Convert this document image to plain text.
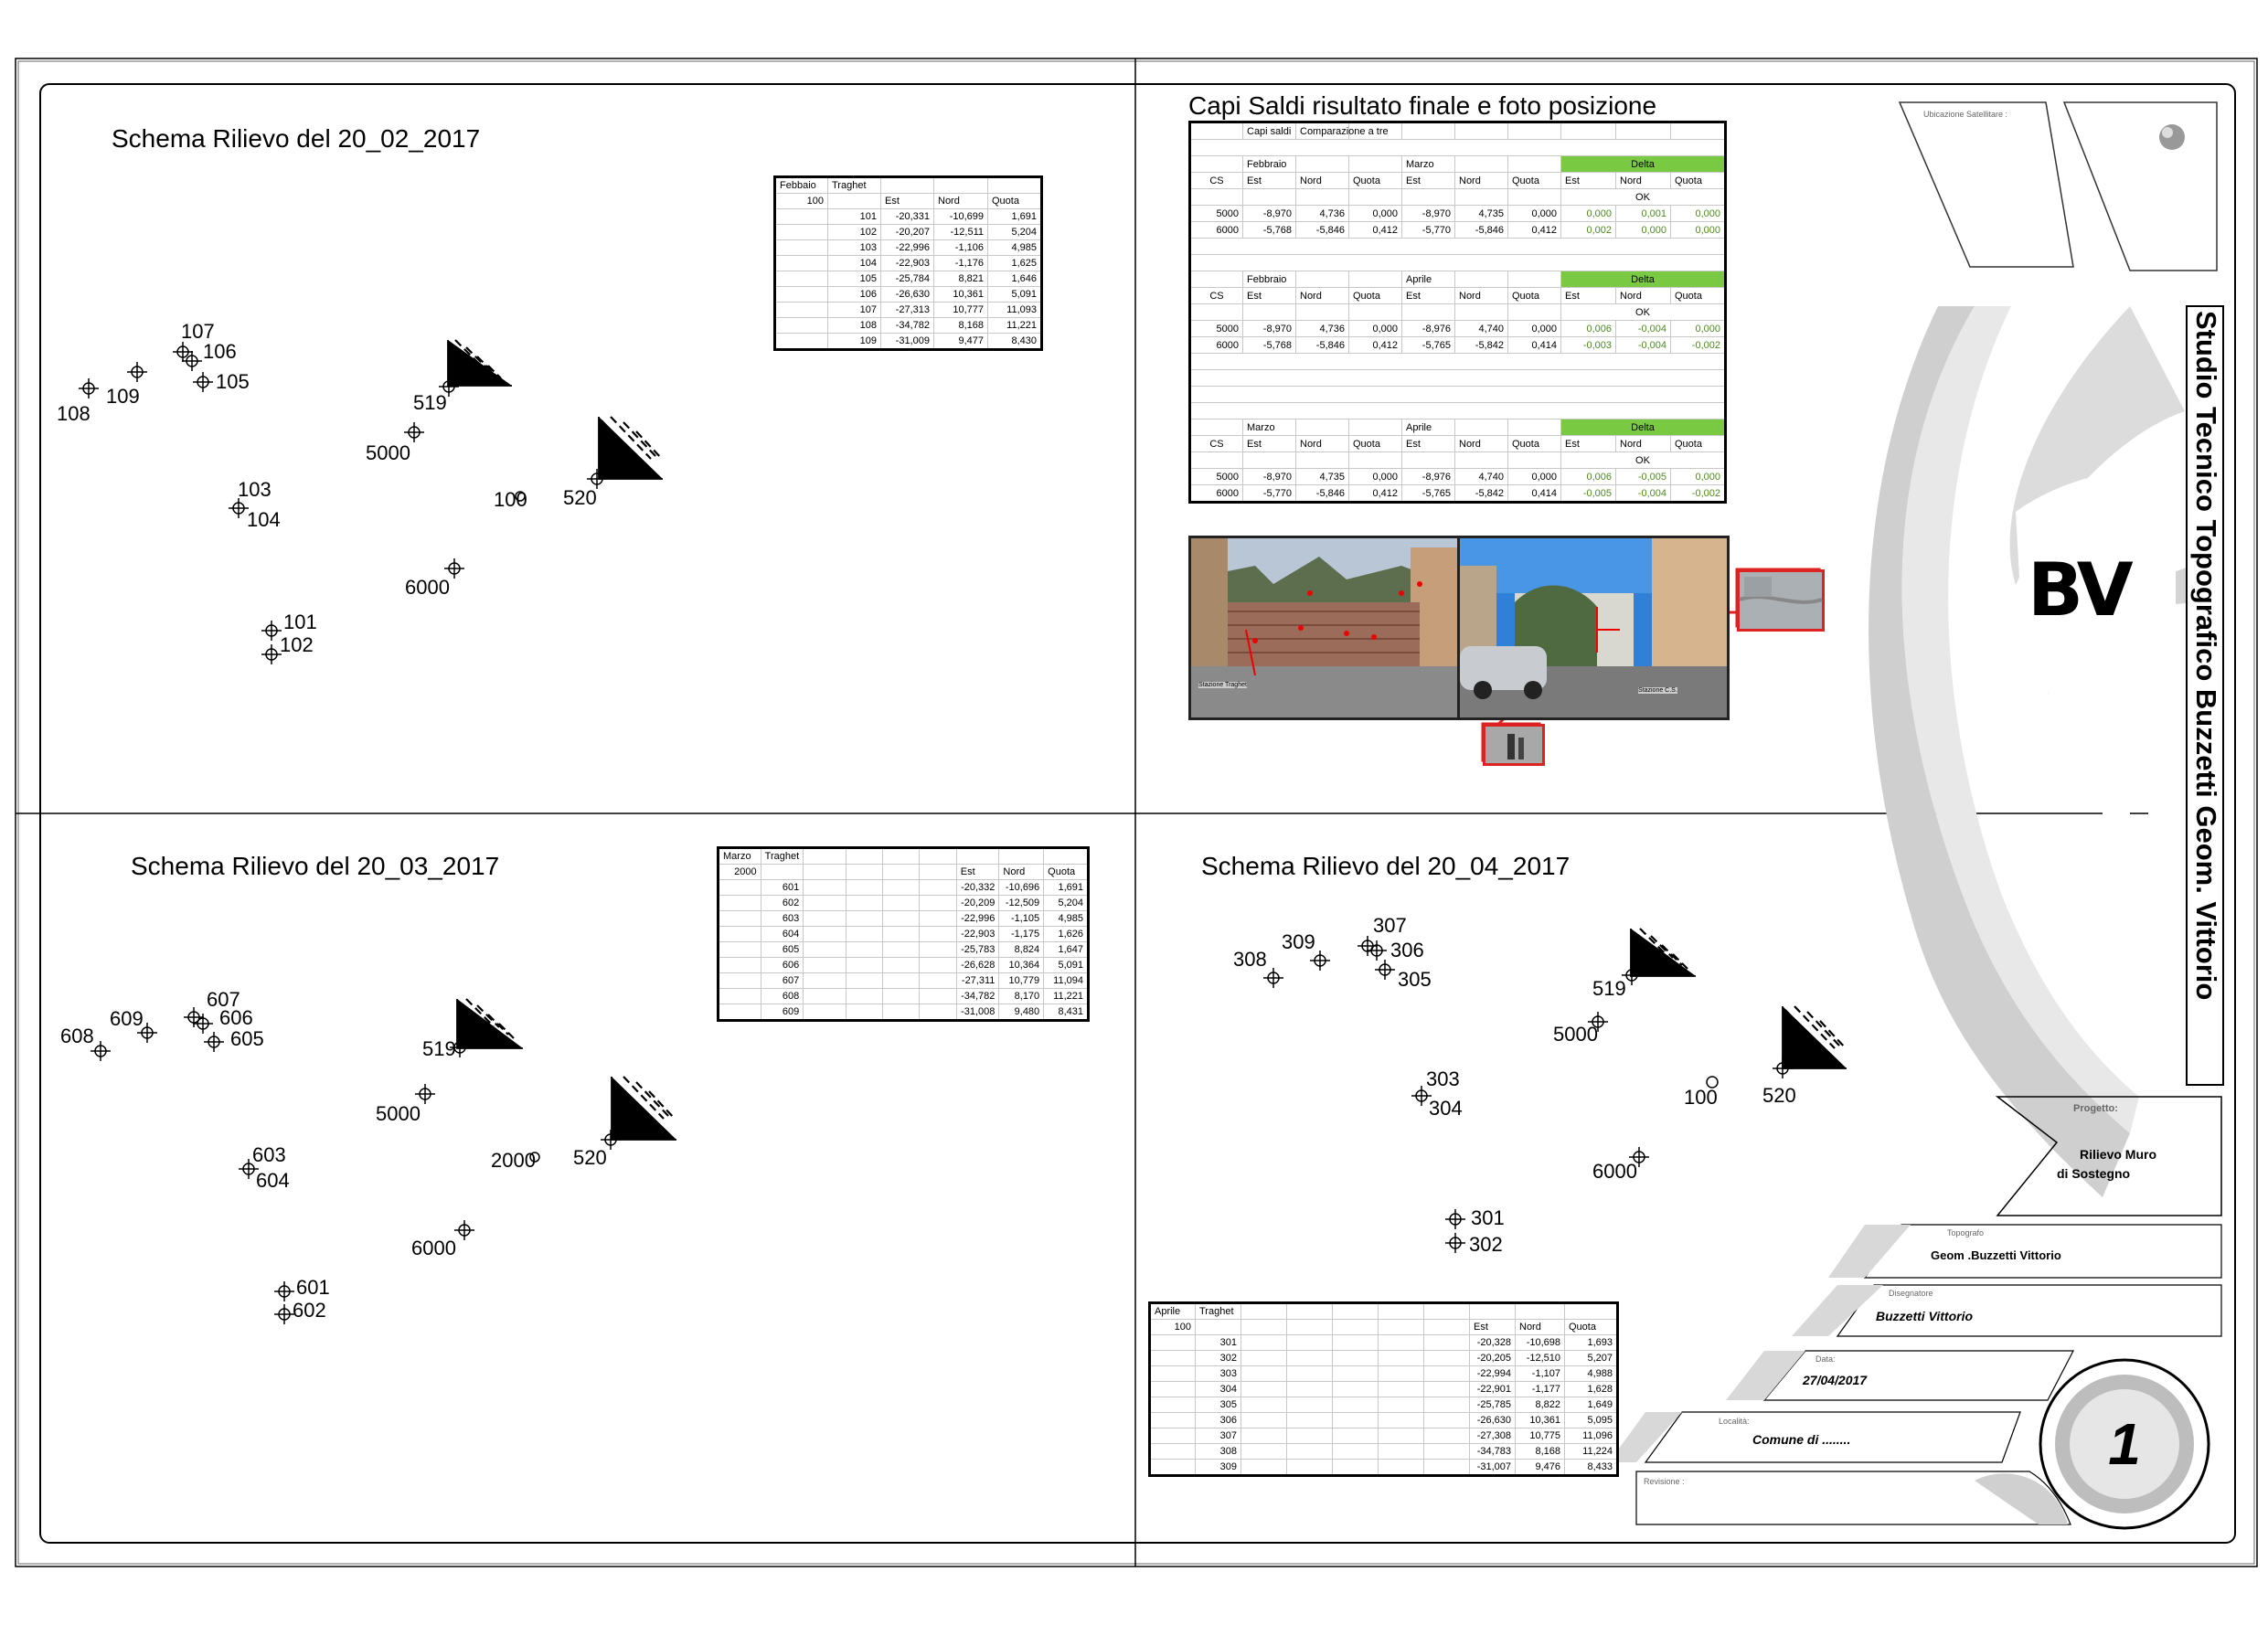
Schema Rilievo del 20_02_2017
107
106
105
109
108	519
5000
103
104
100 520
6000
101
102
Febbaio	Traghet			
100		Est	Nord	Quota
	101	-20,331	-10,699	1,691
	102	-20,207	-12,511	5,204
	103	-22,996	-1,106	4,985
	104	-22,903	-1,176	1,625
	105	-25,784	8,821	1,646
	106	-26,630	10,361	5,091
	107	-27,313	10,777	11,093
	108	-34,782	8,168	11,221
	109	-31,009	9,477	8,430
Capi Saldi risultato finale e foto posizione
	Capi saldi	Comparazione a tre							

	Febbraio			Marzo			Delta		
CS	Est	Nord	Quota	Est	Nord	Quota	Est	Nord	Quota
							OK		
5000	-8,970	4,736	0,000	-8,970	4,735	0,000	0,000	0,001	0,000
6000	-5,768	-5,846	0,412	-5,770	-5,846	0,412	0,002	0,000	0,000

	Febbraio			Aprile			Delta		
CS	Est	Nord	Quota	Est	Nord	Quota	Est	Nord	Quota
							OK		
5000	-8,970	4,736	0,000	-8,976	4,740	0,000	0,006	-0,004	0,000
6000	-5,768	-5,846	0,412	-5,765	-5,842	0,414	-0,003	-0,004	-0,002

	Marzo			Aprile			Delta		
CS	Est	Nord	Quota	Est	Nord	Quota	Est	Nord	Quota
							OK		
5000	-8,970	4,735	0,000	-8,976	4,740	0,000	0,006	-0,005	0,000
6000	-5,770	-5,846	0,412	-5,765	-5,842	0,414	-0,005	-0,004	-0,002
Stazione Traghet
Stazione C.S.
Schema Rilievo del 20_03_2017
607
606
605
609
608
519
5000
603
604
2000 520
6000
601
602
Marzo	Traghet							
2000						Est	Nord	Quota
	601					-20,332	-10,696	1,691
	602					-20,209	-12,509	5,204
	603					-22,996	-1,105	4,985
	604					-22,903	-1,175	1,626
	605					-25,783	8,824	1,647
	606					-26,628	10,364	5,091
	607					-27,311	10,779	11,094
	608					-34,782	8,170	11,221
	609					-31,008	9,480	8,431
Schema Rilievo del 20_04_2017
307
309	306
308
305	519
5000
303
304	100 520
6000
301
302
Aprile	Traghet								
100							Est	Nord	Quota
	301						-20,328	-10,698	1,693
	302						-20,205	-12,510	5,207
	303						-22,994	-1,107	4,988
	304						-22,901	-1,177	1,628
	305						-25,785	8,822	1,649
	306						-26,630	10,361	5,095
	307						-27,308	10,775	11,096
	308						-34,783	8,168	11,224
	309						-31,007	9,476	8,433
Ubicazione Satellitare :
BV Studio Tecnico Topografico Buzzetti Geom. Vittorio
Progetto:
Rilievo Muro
di Sostegno
Topografo
Geom .Buzzetti Vittorio
Disegnatore
Buzzetti Vittorio
Data:
27/04/2017
Località:
Comune di ........
Revisione :
1
